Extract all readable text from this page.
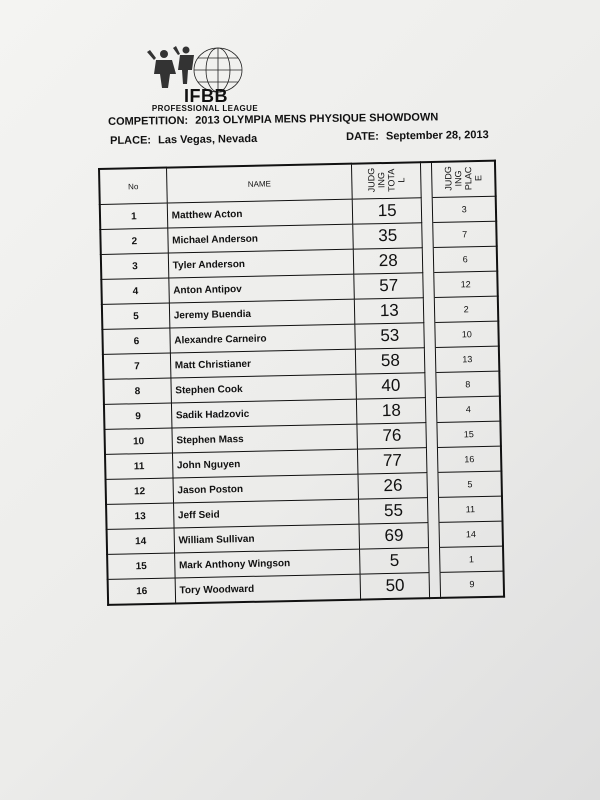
IFBB
PROFESSIONAL LEAGUE
COMPETITION: 2013 OLYMPIA MENS PHYSIQUE SHOWDOWN
PLACE: Las Vegas, Nevada	DATE: September 28, 2013
No	NAME	JUDG ING TOTA L		JUDG ING PLAC E
1	Matthew Acton	15		3
2	Michael Anderson	35		7
3	Tyler Anderson	28		6
4	Anton Antipov	57		12
5	Jeremy Buendia	13		2
6	Alexandre Carneiro	53		10
7	Matt Christianer	58		13
8	Stephen Cook	40		8
9	Sadik Hadzovic	18		4
10	Stephen Mass	76		15
11	John Nguyen	77		16
12	Jason Poston	26		5
13	Jeff Seid	55		11
14	William Sullivan	69		14
15	Mark Anthony Wingson	5		1
16	Tory Woodward	50		9
